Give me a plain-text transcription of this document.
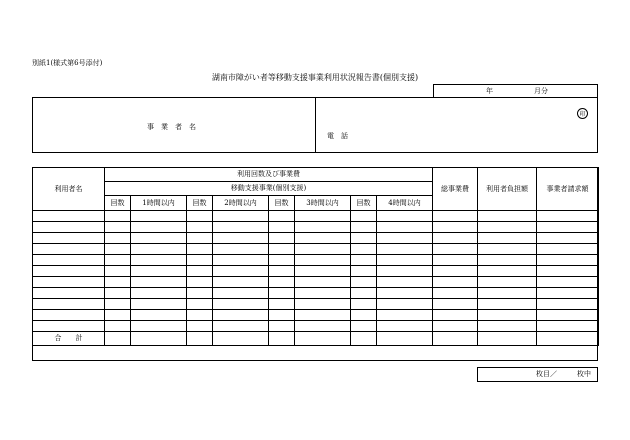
別紙1(様式第6号添付)
湖南市障がい者等移動支援事業利用状況報告書(個別支援)
年	月分
事　業　者　名
電　話
印
利用者名	利用回数及び事業費								総事業費	利用者負担額	事業者請求額
	移動支援事業(個別支援)										
	回数	1時間以内	回数	2時間以内	回数	3時間以内	回数	4時間以内			

合　　計											
枚目／	枚中
